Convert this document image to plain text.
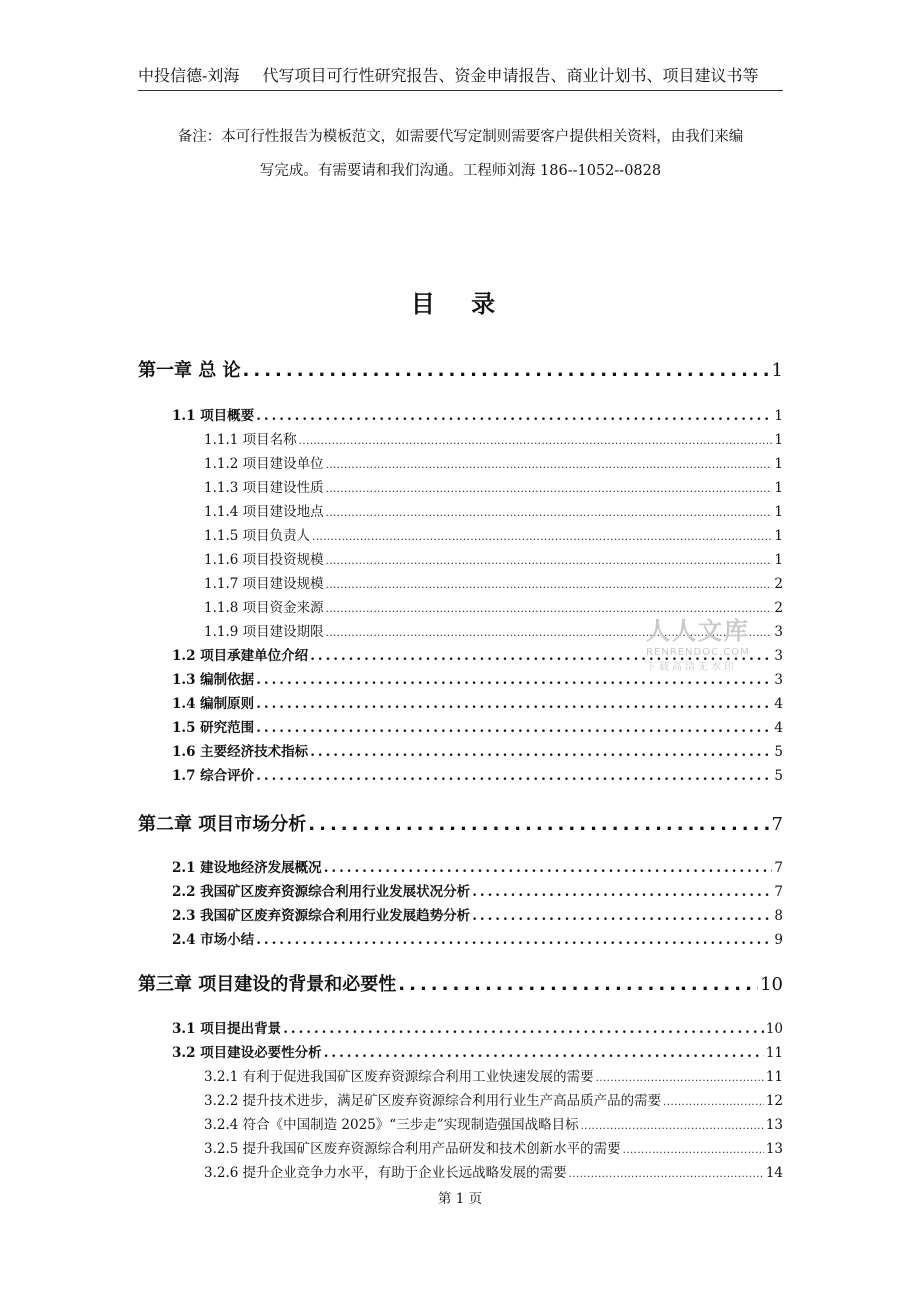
中投信德-刘海 代写项目可行性研究报告、资金申请报告、商业计划书、项目建议书等
备注：本可行性报告为模板范文，如需要代写定制则需要客户提供相关资料，由我们来编
写完成。有需要请和我们沟通。工程师刘海 186--1052--0828
目 录
第一章 总 论 .....	1
1.1 项目概要 .....	1
1.1.1 项目名称 .....	1
1.1.2 项目建设单位 .....	1
1.1.3 项目建设性质 .....	1
1.1.4 项目建设地点 .....	1
1.1.5 项目负责人 .....	1
1.1.6 项目投资规模 .....	1
1.1.7 项目建设规模 .....	2
1.1.8 项目资金来源 .....	2
1.1.9 项目建设期限 .....	3
1.2 项目承建单位介绍 .....	3
1.3 编制依据 .....	3
1.4 编制原则 .....	4
1.5 研究范围 .....	4
1.6 主要经济技术指标 .....	5
1.7 综合评价 .....	5
第二章 项目市场分析 .....	7
2.1 建设地经济发展概况 .....	7
2.2 我国矿区废弃资源综合利用行业发展状况分析 .....	7
2.3 我国矿区废弃资源综合利用行业发展趋势分析 .....	8
2.4 市场小结 .....	9
第三章 项目建设的背景和必要性 .....	10
3.1 项目提出背景 .....	10
3.2 项目建设必要性分析 .....	11
3.2.1 有利于促进我国矿区废弃资源综合利用工业快速发展的需要 .....	11
3.2.2 提升技术进步，满足矿区废弃资源综合利用行业生产高品质产品的需要 .....	12
3.2.4 符合《中国制造 2025》“三步走”实现制造强国战略目标 .....	13
3.2.5 提升我国矿区废弃资源综合利用产品研发和技术创新水平的需要 .....	13
3.2.6 提升企业竞争力水平，有助于企业长远战略发展的需要 .....	14
人人文库
RENRENDOC.COM
下载高清无水印
第 1 页
